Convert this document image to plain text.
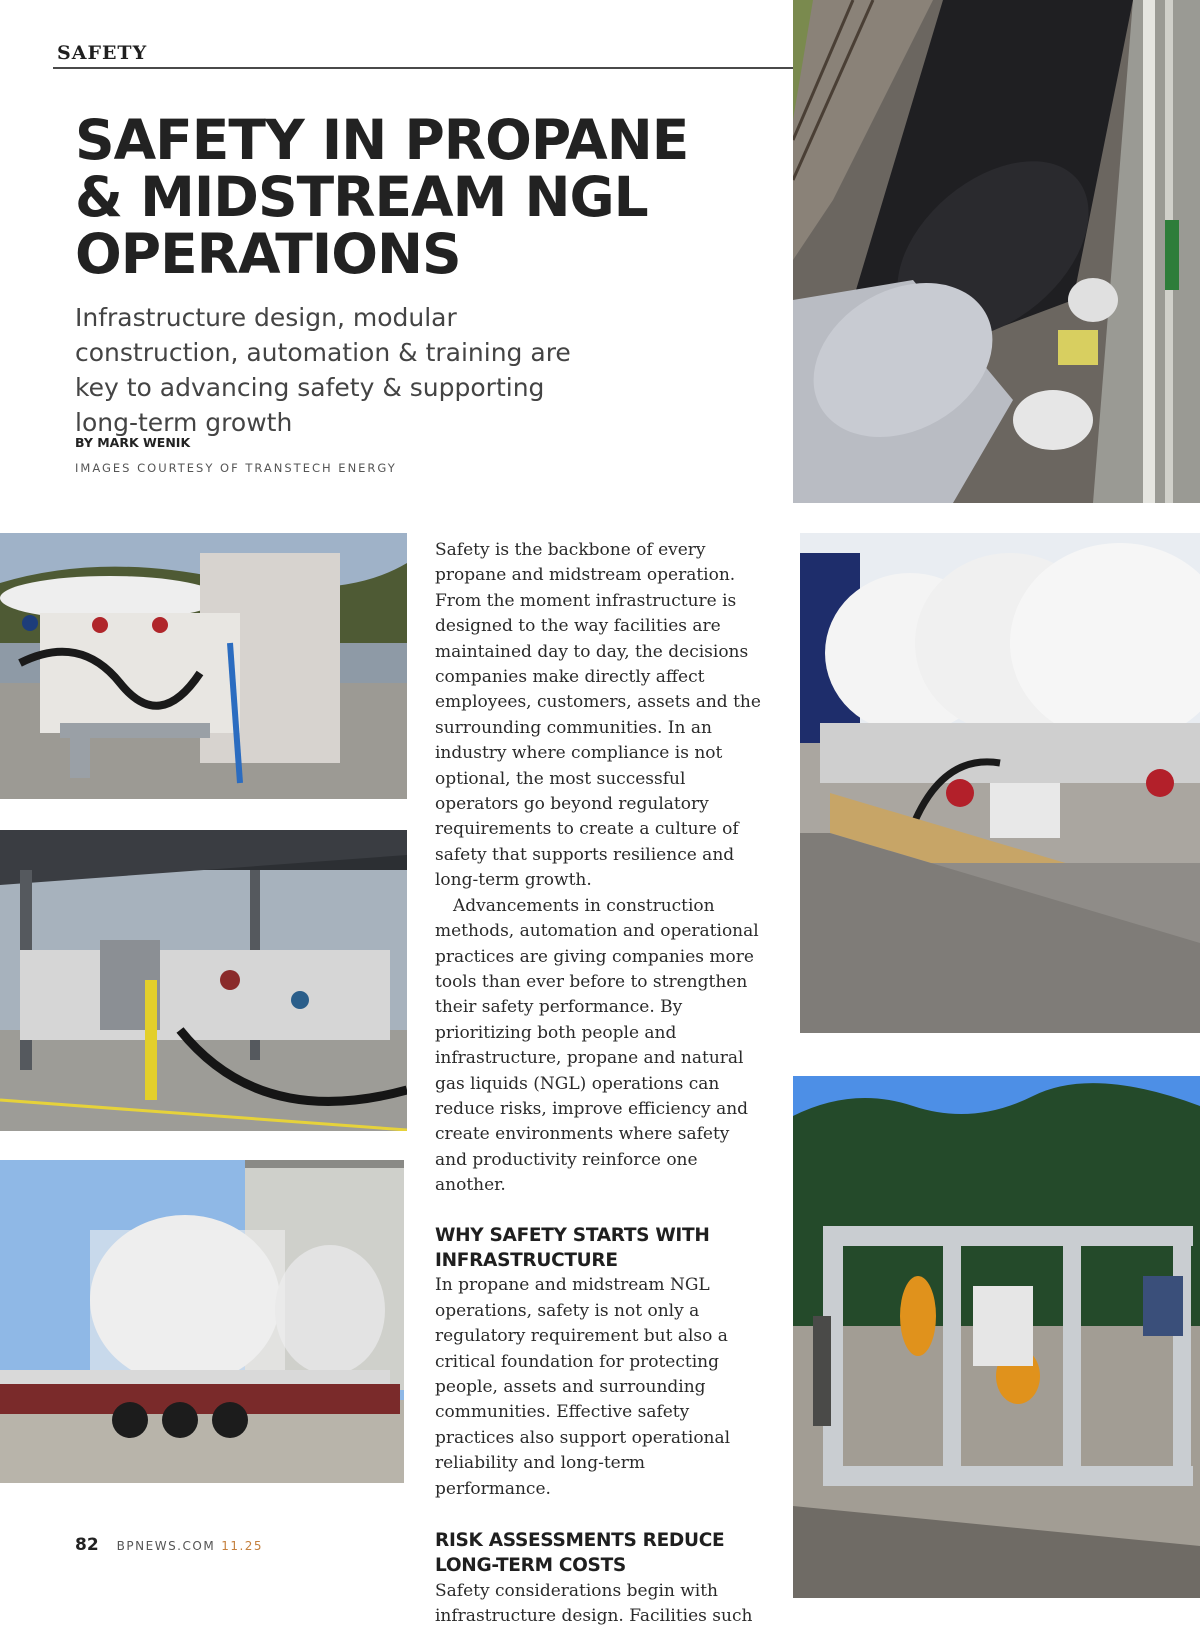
SAFETY
SAFETY IN PROPANE
& MIDSTREAM NGL
OPERATIONS

Infrastructure design, modular construction, automation & training are key to advancing safety & supporting long-term growth

BY MARK WENIK
IMAGES COURTESY OF TRANSTECH ENERGY

Safety is the backbone of every propane and midstream operation. From the moment infrastructure is designed to the way facilities are maintained day to day, the decisions companies make directly affect employees, customers, assets and the surrounding communities. In an industry where compliance is not optional, the most successful operators go beyond regulatory requirements to create a culture of safety that supports resilience and long-term growth.

Advancements in construction methods, automation and operational practices are giving companies more tools than ever before to strengthen their safety performance. By prioritizing both people and infrastructure, propane and natural gas liquids (NGL) operations can reduce risks, improve efficiency and create environments where safety and productivity reinforce one another.

WHY SAFETY STARTS WITH INFRASTRUCTURE

In propane and midstream NGL operations, safety is not only a regulatory requirement but also a critical foundation for protecting people, assets and surrounding communities. Effective safety practices also support operational reliability and long-term performance.

RISK ASSESSMENTS REDUCE LONG-TERM COSTS

Safety considerations begin with infrastructure design. Facilities such

82 BPNEWS.COM 11.25
